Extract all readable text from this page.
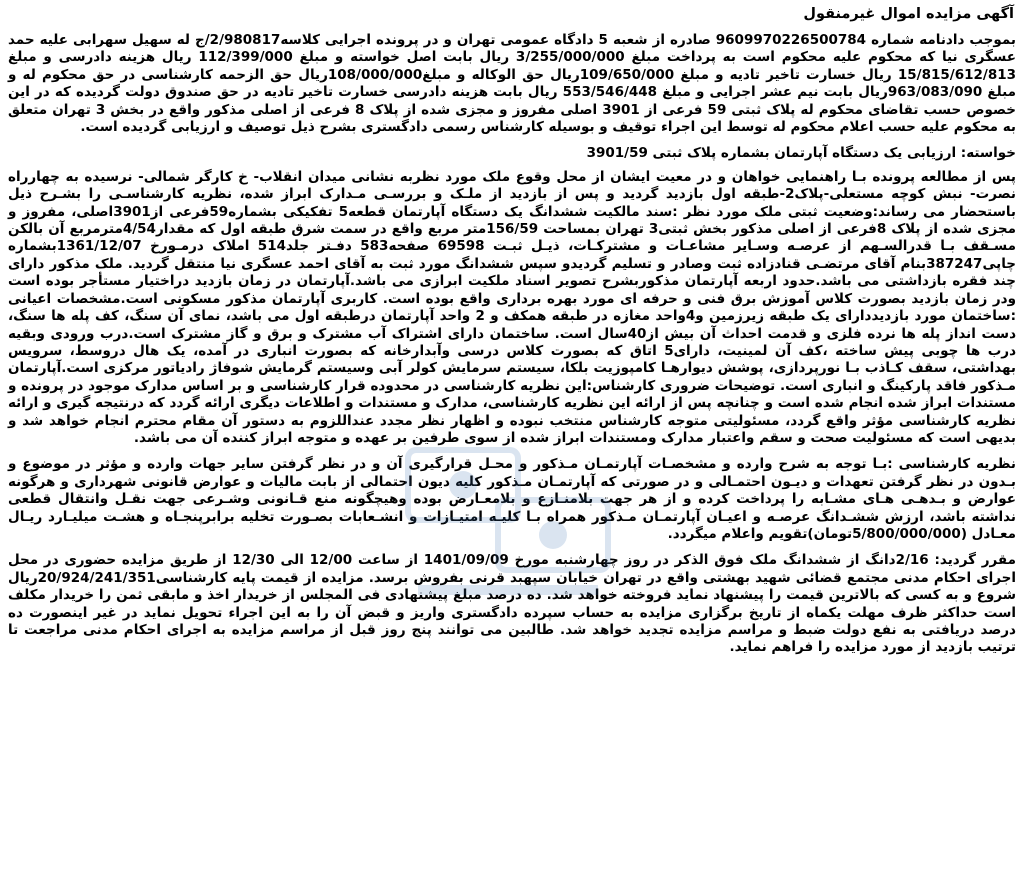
آگهی مزایده اموال غیرمنقول

بموجب دادنامه شماره 9609970226500784 صادره از شعبه 5 دادگاه عمومی تهران و در پرونده اجرایی کلاسه2/980817/ج له سهیل سهرابی علیه حمد عسگری نیا که محکوم علیه محکوم است به پرداخت مبلغ 3/255/000/000 ریال بابت اصل خواسته و مبلغ 112/399/000 ریال هزینه دادرسی و مبلغ 15/815/612/813 ریال خسارت تاخیر تادیه و مبلغ 109/650/000ریال حق الوکاله و مبلغ108/000/000ریال حق الزحمه کارشناسی در حق محکوم له و مبلغ 963/083/090ریال بابت نیم عشر اجرایی و مبلغ 553/546/448 ریال بابت هزینه دادرسی خسارت تاخیر تادیه در حق صندوق دولت گردیده که در این خصوص حسب تقاضای محکوم له پلاک ثبتی 59 فرعی از 3901 اصلی مفروز و مجزی شده از پلاک 8 فرعی از اصلی مذکور واقع در بخش 3 تهران متعلق به محکوم علیه حسب اعلام محکوم له توسط این اجراء توقیف و بوسیله کارشناس رسمی دادگستری بشرح ذیل توصیف و ارزیابی گردیده است.

خواسته: ارزیابی یک دستگاه آپارتمان بشماره پلاک ثبتی 3901/59

پس از مطالعه پرونده بـا راهنمایی خواهان و در معیت ایشان از محل وقوع ملک مورد نظربه نشانی میدان انقلاب- خ کارگر شمالی- نرسیده به چهارراه نصرت- نبش کوچه مستعلی-پلاک2-طبقه اول بازدید گردید و پس از بازدید از ملـک و بررسـی مـدارک ابراز شده، نظریه کارشناسـی را بشـرح ذیل باستحضار می رساند:وضعیت ثبتی ملک مورد نظر :سند مالکیت ششدانگ یک دستگاه آپارتمان قطعه5 تفکیکی بشماره59فرعی از3901اصلی، مفروز و مجزی شده از پلاک 8فرعی از اصلی مذکور بخش ثبتی3 تهران بمساحت 156/59متر مربع واقع در سمت شرق طبقه اول که مقدار4/54مترمربع آن بالکن مسـقف بـا قدرالسـهم از عرصـه وسـایر مشاعـات و مشترکـات، ذیـل ثبـت 69598 صفحه583 دفـتر جلد514 املاک درمـورخ 1361/12/07بشماره چاپی387247بنام آقای مرتضـی قنادزاده ثبت وصادر و تسلیم گردیدو سپس ششدانگ مورد ثبت به آقای احمد عسگری نیا منتقل گردید. ملک مذکور دارای چند فقره بازداشتی می باشد.حدود اربعه آپارتمان مذکوربشرح تصویر اسناد ملکیت ابرازی می باشد.آپارتمان در زمان بازدید دراختیار مستأجر بوده است ودر زمان بازدید بصورت کلاس آموزش برق فنی و حرفه ای مورد بهره برداری واقع بوده است. کاربری آپارتمان مذکور مسکونی است.مشخصات اعیانی :ساختمان مورد بازدیددارای یک طبقه زیرزمین و4واحد مغازه در طبقه همکف و 2 واحد آپارتمان درطبقه اول می باشد، نمای آن سنگ، کف پله ها سنگ، دست انداز پله ها نرده فلزی و قدمت احداث آن بیش از40سال است. ساختمان دارای اشتراک آب مشترک و برق و گاز مشترک است.درب ورودی وبقیه درب ها چوبی پیش ساخته ،کف آن لمینیت، دارای5 اتاق که بصورت کلاس درسی وآبدارخانه که بصورت انباری در آمده، یک هال دروسط، سرویس بهداشتی، سقف کـاذب بـا نورپردازی، پوشش دیوارهـا کامپوزیت بلکا، سیستم سرمایش کولر آبی وسیستم گرمایش شوفاژ رادیاتور مرکزی است.آپارتمان مـذکور فاقد پارکینگ و انباری است. توضیحات ضروری کارشناس:این نظریه کارشناسی در محدوده قرار کارشناسی و بر اساس مدارک موجود در پرونده و مستندات ابراز شده انجام شده است و چنانچه پس از ارائه این نظریه کارشناسی، مدارک و مستندات و اطلاعات دیگری ارائه گردد که درنتیجه گیری و ارائه نظریه کارشناسی مؤثر واقع گردد، مسئولیتی متوجه کارشناس منتخب نبوده و اظهار نظر مجدد عنداللزوم به دستور آن مقام محترم انجام خواهد شد و بدیهی است که مسئولیت صحت و سقم واعتبار مدارک ومستندات ابراز شده از سوی طرفین بر عهده و متوجه ابراز کننده آن می باشد.

نظریه کارشناسی :بـا توجه به شرح وارده و مشخصـات آپارتمـان مـذکور و محـل قرارگیری آن و در نظر گرفتن سایر جهات وارده و مؤثر در موضوع و بـدون در نظر گرفتن تعهدات و دیـون احتمـالی و در صورتی که آپارتمـان مـذکور کلیه دیون احتمالی از بابت مالیات و عوارض قانونی شهرداری و هرگونه عوارض و بـدهـی هـای مشـابه را پرداخت کرده و از هر جهت بلامنـازع و بلامعـارض بوده وهیچگونه منع قـانونی وشـرعی جهت نقـل وانتقال قطعی نداشته باشد، ارزش ششـدانگ عرصـه و اعیـان آپارتمـان مـذکور همراه بـا کلیـه امتیـازات و انشـعابات بصـورت تخلیه برابرپنجـاه و هشـت میلیـارد ریـال معـادل (5/800/000/000تومان)تقویم واعلام میگردد.

مقرر گردید: 2/16دانگ از ششدانگ ملک فوق الذکر در روز چهارشنبه مورخ 1401/09/09 از ساعت 12/00 الی 12/30 از طریق مزایده حضوری در محل اجرای احکام مدنی مجتمع قضائی شهید بهشتی واقع در تهران خیابان سپهبد قرنی بفروش برسد. مزایده از قیمت پایه کارشناسی20/924/241/351ریال شروع و به کسی که بالاترین قیمت را پیشنهاد نماید فروخته خواهد شد. ده درصد مبلغ پیشنهادی فی المجلس از خریدار اخذ و مابقی ثمن را خریدار مکلف است حداکثر ظرف مهلت یکماه از تاریخ برگزاری مزایده به حساب سپرده دادگستری واریز و قبض آن را به این اجراء تحویل نماید در غیر اینصورت ده درصد دریافتی به نفع دولت ضبط و مراسم مزایده تجدید خواهد شد. طالبین می توانند پنج روز قبل از مراسم مزایده به اجرای احکام مدنی مراجعت تا ترتیب بازدید از مورد مزایده را فراهم نماید.
